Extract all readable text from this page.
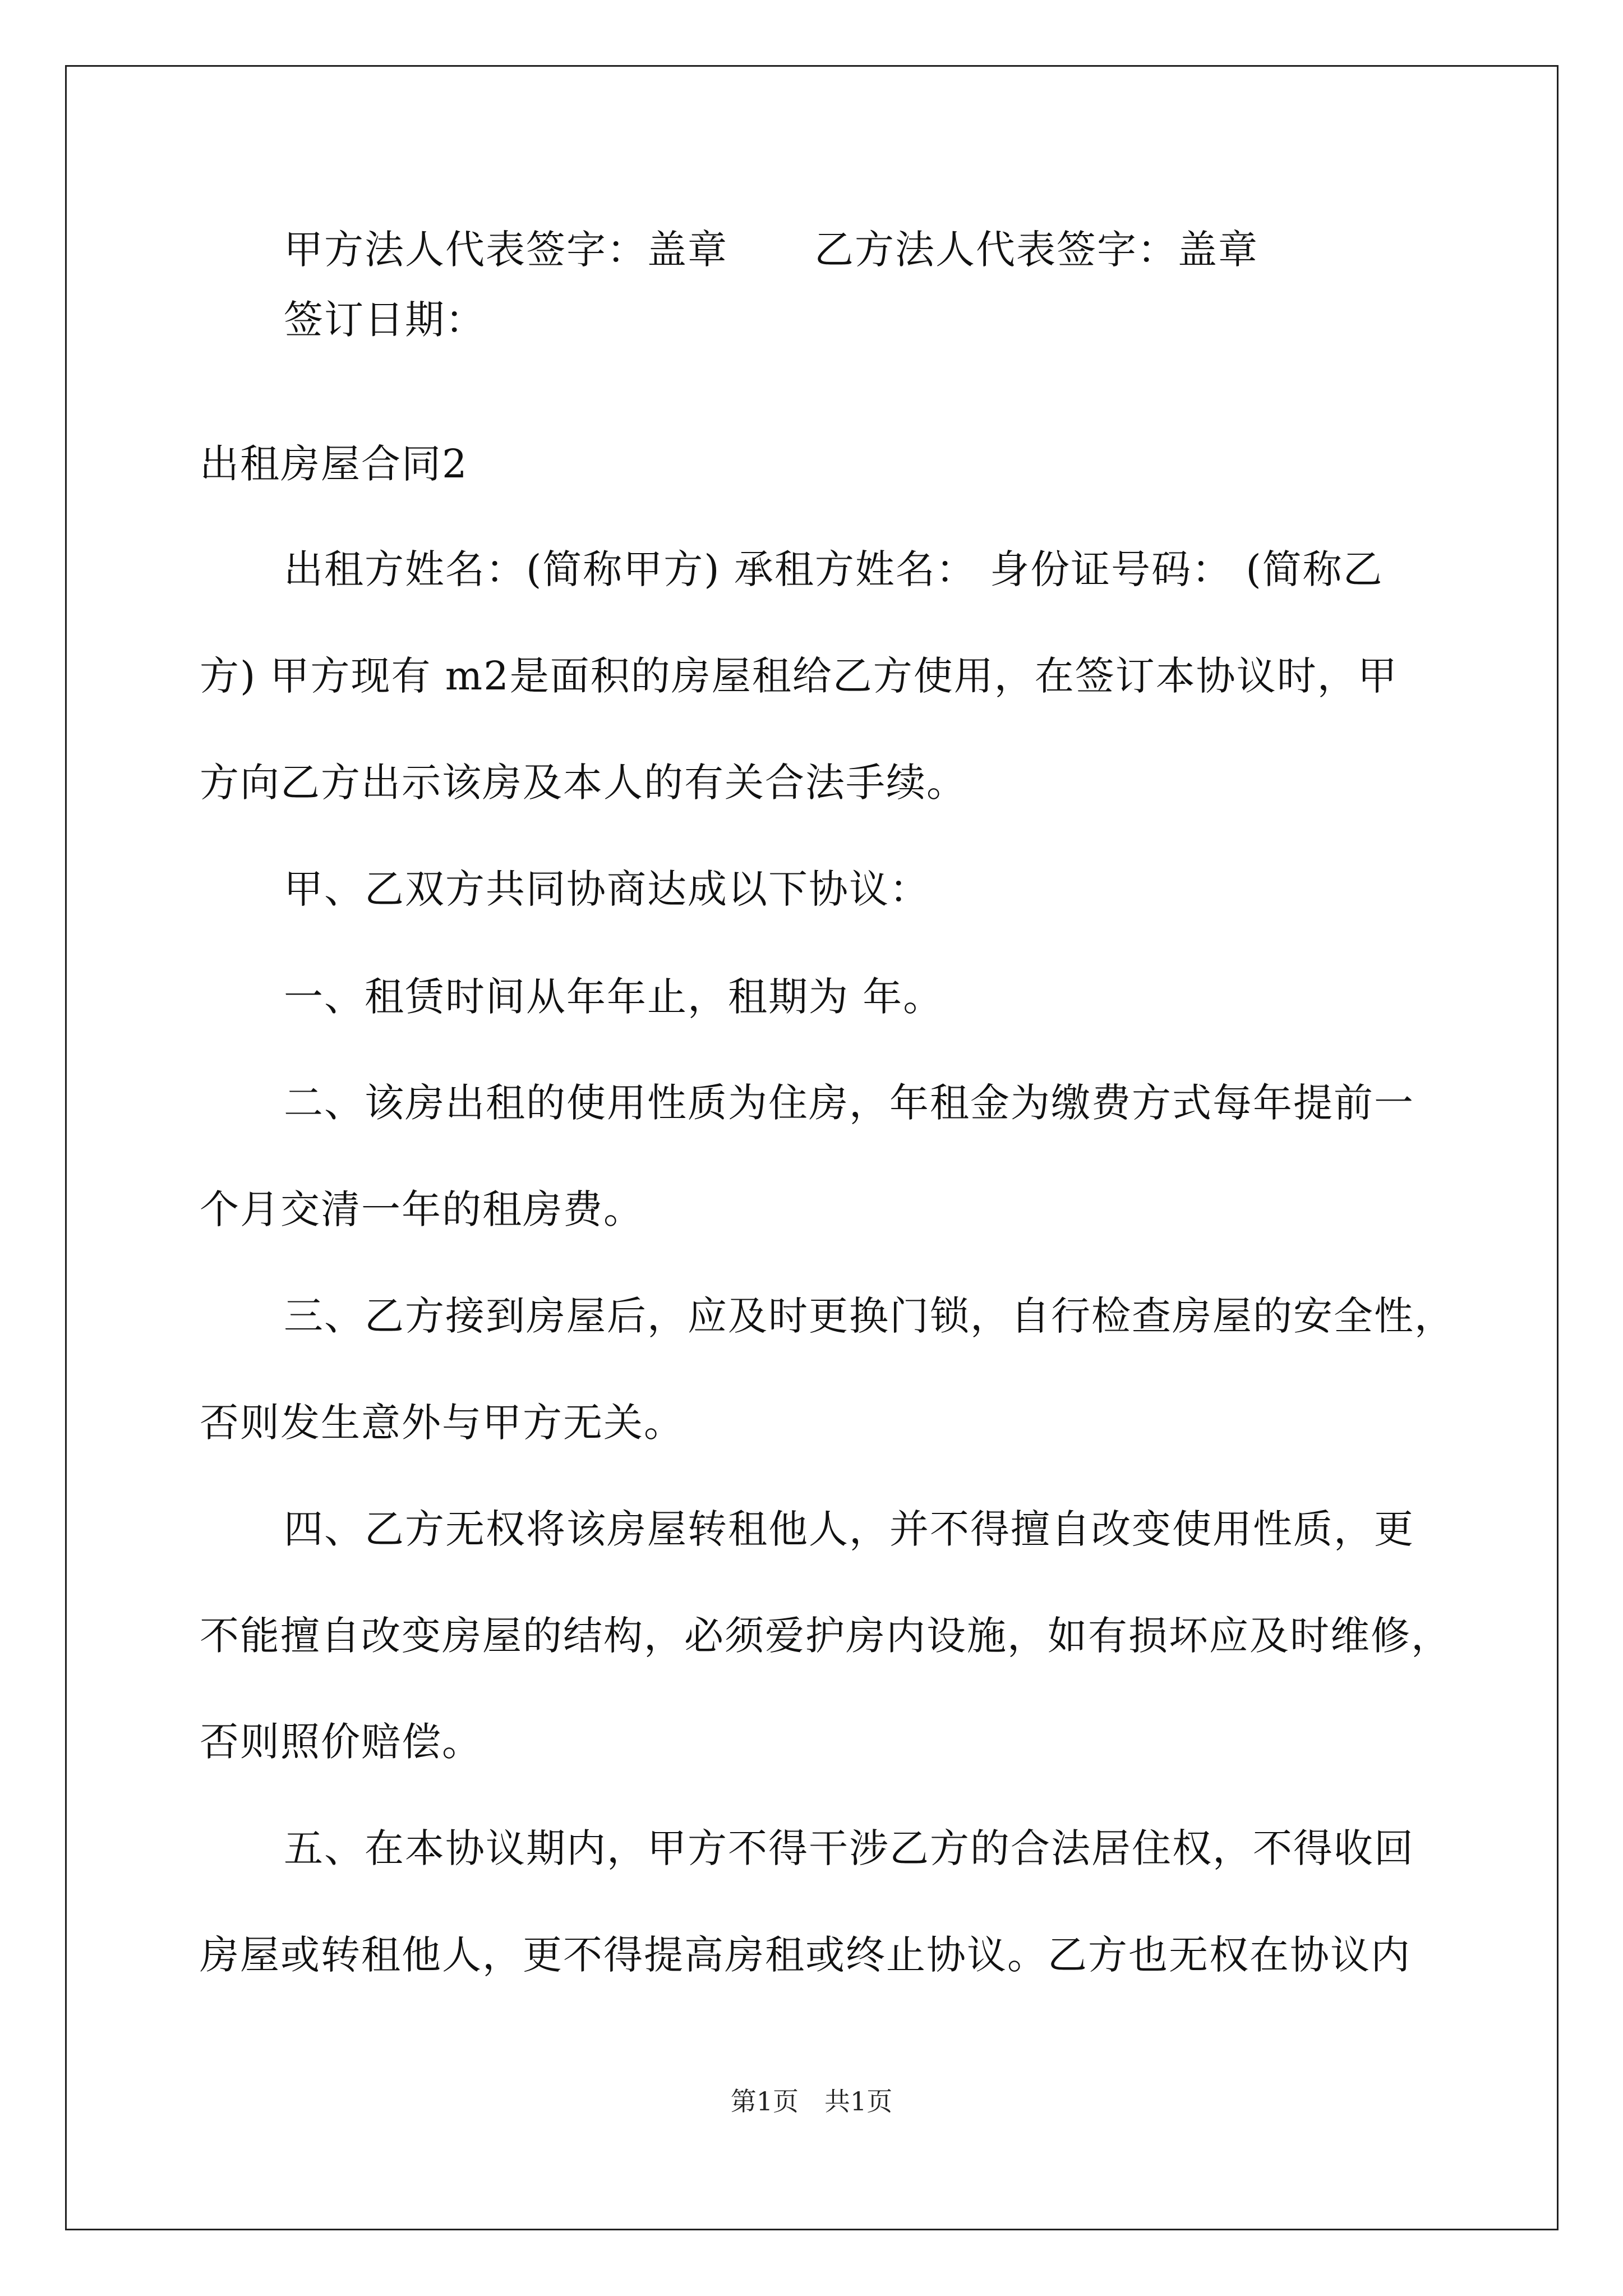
甲方法人代表签字：盖章 乙方法人代表签字：盖章
签订日期：
出租房屋合同2
出租方姓名：(简称甲方) 承租方姓名： 身份证号码： (简称乙
方) 甲方现有 m2是面积的房屋租给乙方使用，在签订本协议时，甲
方向乙方出示该房及本人的有关合法手续。
甲、乙双方共同协商达成以下协议：
一、租赁时间从年年止，租期为 年。
二、该房出租的使用性质为住房，年租金为缴费方式每年提前一
个月交清一年的租房费。
三、乙方接到房屋后，应及时更换门锁，自行检查房屋的安全性，
否则发生意外与甲方无关。
四、乙方无权将该房屋转租他人，并不得擅自改变使用性质，更
不能擅自改变房屋的结构，必须爱护房内设施，如有损坏应及时维修，
否则照价赔偿。
五、在本协议期内，甲方不得干涉乙方的合法居住权，不得收回
房屋或转租他人，更不得提高房租或终止协议。乙方也无权在协议内
第1页　共1页
